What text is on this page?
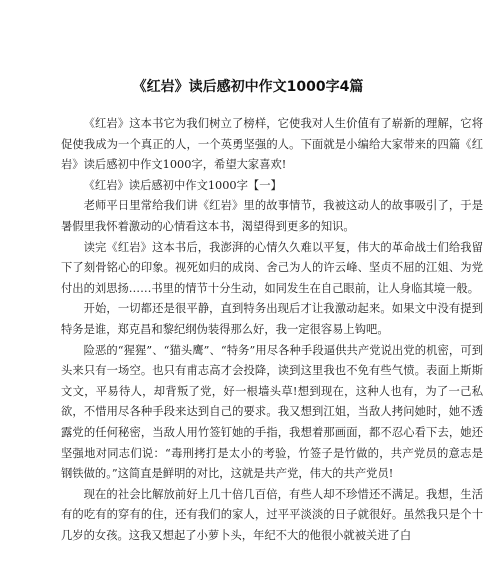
《红岩》读后感初中作文1000字4篇

《红岩》这本书它为我们树立了榜样，它使我对人生价值有了崭新的理解，它将促使我成为一个真正的人，一个英勇坚强的人。下面就是小编给大家带来的四篇《红岩》读后感初中作文1000字，希望大家喜欢!

《红岩》读后感初中作文1000字【一】

老师平日里常给我们讲《红岩》里的故事情节，我被这动人的故事吸引了，于是暑假里我怀着激动的心情看这本书，渴望得到更多的知识。

读完《红岩》这本书后，我澎湃的心情久久难以平复，伟大的革命战士们给我留下了刻骨铭心的印象。视死如归的成岗、舍己为人的许云峰、坚贞不屈的江姐、为党付出的刘思扬……书里的情节十分生动，如同发生在自己眼前，让人身临其境一般。

开始，一切都还是很平静，直到特务出现后才让我激动起来。如果文中没有提到特务是谁，郑克昌和黎纪纲伪装得那么好，我一定很容易上钩吧。

险恶的“猩猩”、“猫头鹰”、“特务”用尽各种手段逼供共产党说出党的机密，可到头来只有一场空。也只有甫志高才会投降，读到这里我也不免有些气愤。表面上斯斯文文，平易待人，却背叛了党，好一根墙头草!想到现在，这种人也有，为了一己私欲，不惜用尽各种手段来达到自己的要求。我又想到江姐，当敌人拷问她时，她不透露党的任何秘密，当敌人用竹签钉她的手指，我想着那画面，都不忍心看下去，她还坚强地对同志们说：“毒刑拷打是太小的考验，竹签子是竹做的，共产党员的意志是钢铁做的。”这简直是鲜明的对比，这就是共产党，伟大的共产党员!

现在的社会比解放前好上几十倍几百倍，有些人却不珍惜还不满足。我想，生活有的吃有的穿有的住，还有我们的家人，过平平淡淡的日子就很好。虽然我只是个十几岁的女孩。这我又想起了小萝卜头，年纪不大的他很小就被关进了白
